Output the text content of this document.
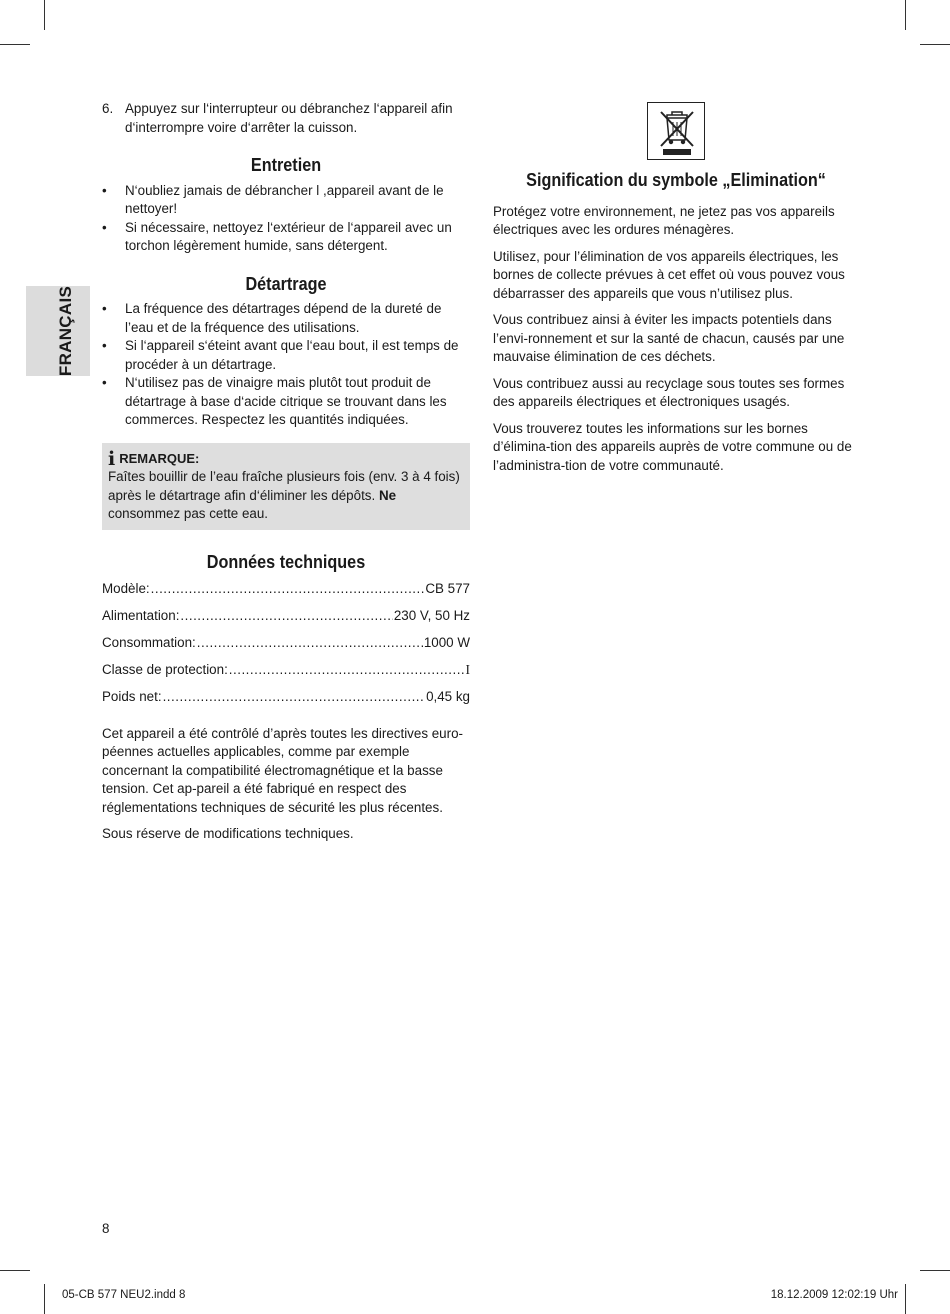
FRANÇAIS
6. Appuyez sur l‘interrupteur ou débranchez l‘appareil afin d‘interrompre voire d‘arrêter la cuisson.
Entretien
• N‘oubliez jamais de débrancher l ,appareil avant de le nettoyer!
• Si nécessaire, nettoyez l‘extérieur de l‘appareil avec un torchon légèrement humide, sans détergent.
Détartrage
• La fréquence des détartrages dépend de la dureté de l’eau et de la fréquence des utilisations.
• Si l‘appareil s‘éteint avant que l‘eau bout, il est temps de procéder à un détartrage.
• N‘utilisez pas de vinaigre mais plutôt tout produit de détartrage à base d‘acide citrique se trouvant dans les commerces. Respectez les quantités indiquées.
i REMARQUE:

Faîtes bouillir de l’eau fraîche plusieurs fois (env. 3 à 4 fois) après le détartrage afin d‘éliminer les dépôts. Ne consommez pas cette eau.

Données techniques
Modèle: .....	CB 577
Alimentation: .....	230 V, 50 Hz
Consommation: .....	1000 W
Classe de protection: .....	I
Poids net: .....	0,45 kg

Cet appareil a été contrôlé d’après toutes les directives euro-péennes actuelles applicables, comme par exemple concernant la compatibilité électromagnétique et la basse tension. Cet ap-pareil a été fabriqué en respect des réglementations techniques de sécurité les plus récentes.

Sous réserve de modifications techniques.

Signification du symbole „Elimination“

Protégez votre environnement, ne jetez pas vos appareils électriques avec les ordures ménagères.

Utilisez, pour l’élimination de vos appareils électriques, les bornes de collecte prévues à cet effet où vous pouvez vous débarrasser des appareils que vous n’utilisez plus.

Vous contribuez ainsi à éviter les impacts potentiels dans l’envi-ronnement et sur la santé de chacun, causés par une mauvaise élimination de ces déchets.

Vous contribuez aussi au recyclage sous toutes ses formes des appareils électriques et électroniques usagés.

Vous trouverez toutes les informations sur les bornes d’élimina-tion des appareils auprès de votre commune ou de l’administra-tion de votre communauté.

8
05-CB 577 NEU2.indd 8	18.12.2009 12:02:19 Uhr
